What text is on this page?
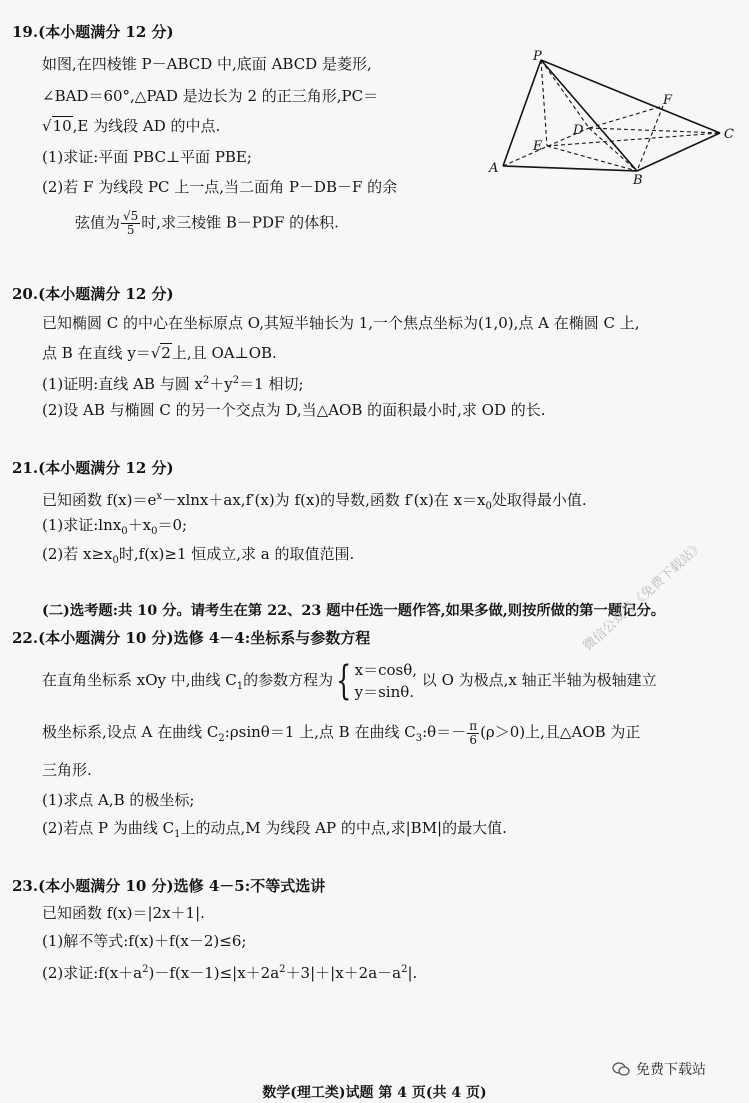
19.(本小题满分 12 分)
如图,在四棱锥 P－ABCD 中,底面 ABCD 是菱形,
∠BAD＝60°,△PAD 是边长为 2 的正三角形,PC＝
√10,E 为线段 AD 的中点.
(1)求证:平面 PBC⊥平面 PBE;
(2)若 F 为线段 PC 上一点,当二面角 P－DB－F 的余
弦值为 $\frac{√5}{5}$ 时,求三棱锥 B－PDF 的体积.
P
A
B
C
D
E
F
20.(本小题满分 12 分)
已知椭圆 C 的中心在坐标原点 O,其短半轴长为 1,一个焦点坐标为(1,0),点 A 在椭圆 C 上,
点 B 在直线 y＝√2上,且 OA⊥OB.
(1)证明:直线 AB 与圆 $x^2+y^2=1$ 相切;
(2)设 AB 与椭圆 C 的另一个交点为 D,当△AOB 的面积最小时,求 OD 的长.
21.(本小题满分 12 分)
已知函数 $f(x)=e^x-xlnx+ax,f'(x)$为 f(x)的导数,函数 f′(x)在 $x=x_0$处取得最小值.
(1)求证$:\ln x_0+x_0=0$;
(2)若 $x\ge x_0$时,f(x)≥1 恒成立,求 a 的取值范围.
(二)选考题:共 10 分。请考生在第 22、23 题中任选一题作答,如果多做,则按所做的第一题记分。
22.(本小题满分 10 分)选修 4－4:坐标系与参数方程
在直角坐标系 xOy 中,曲线 $C_1$的参数方程为{ x＝cosθ,
y＝sinθ.
以 O 为极点,x 轴正半轴为极轴建立
极坐标系,设点 A 在曲线 $C_2:\rho\sin\theta=1$ 上,点 B 在曲线 $C_3:\theta=- \frac{\pi}{6} (\rho>0)$上,且△AOB 为正
三角形.
(1)求点 A,B 的极坐标;
(2)若点 P 为曲线 $C_1$上的动点,M 为线段 AP 的中点,求|BM|的最大值.
23.(本小题满分 10 分)选修 4－5:不等式选讲
已知函数 f(x)＝|2x＋1|.
(1)解不等式:f(x)＋f(x－2)≤6;
(2)求证$:f(x+a^2)-f(x-1)\le|x+2a^2+3|+|x+2a-a^2|$.
微信公众号《免费下载站》
免费下载站
数学(理工类)试题 第 4 页(共 4 页)
